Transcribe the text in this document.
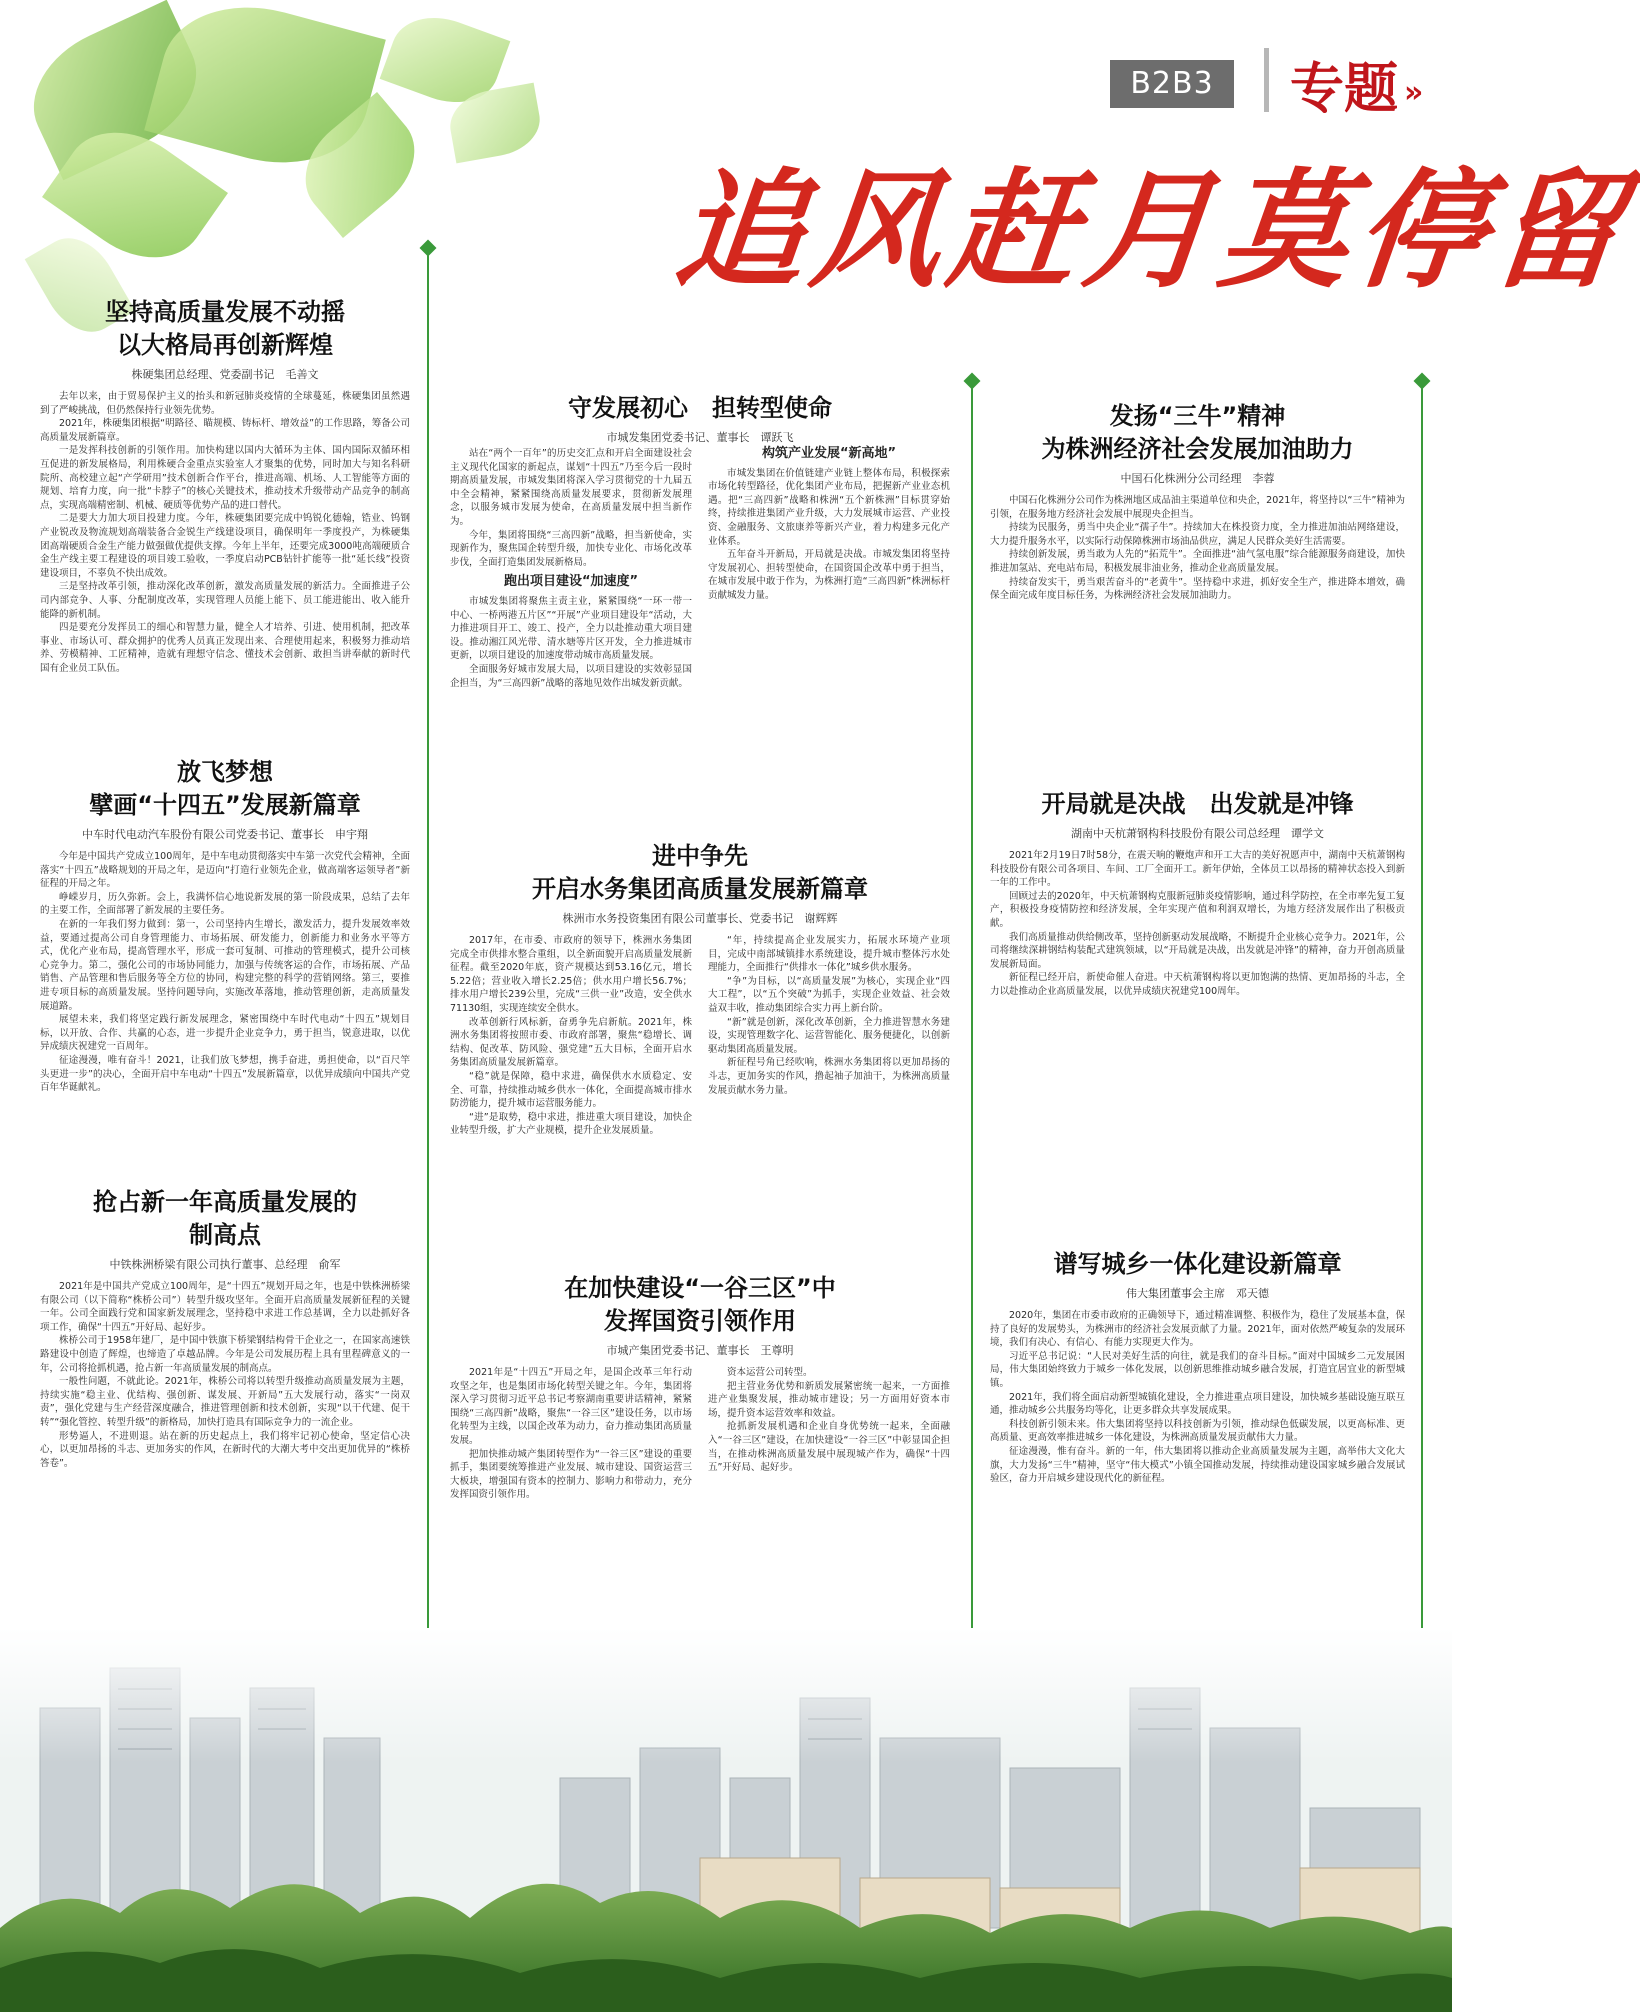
B2B3	专题 »
追风赶月莫停留
坚持高质量发展不动摇
以大格局再创新辉煌
株硬集团总经理、党委副书记　毛善文

去年以来，由于贸易保护主义的抬头和新冠肺炎疫情的全球蔓延，株硬集团虽然遇到了严峻挑战，但仍然保持行业领先优势。

2021年，株硬集团根据“明路径、瞄规模、铸标杆、增效益”的工作思路，筹备公司高质量发展新篇章。

一是发挥科技创新的引领作用。加快构建以国内大循环为主体、国内国际双循环相互促进的新发展格局，利用株硬合金重点实验室人才聚集的优势，同时加大与知名科研院所、高校建立起“产学研用”技术创新合作平台，推进高端、机场、人工智能等方面的规划、培育力度，向一批“卡脖子”的核心关键技术，推动技术升级带动产品竞争的制高点，实现高端精密制、机械、硬质等优势产品的进口替代。

二是要大力加大项目投建力度。今年，株硬集团要完成中钨锐化德翰，锆业、钨钢产业锐改及物流规划高端装备合金锐生产线建设项目，确保明年一季度投产，为株硬集团高端硬质合金生产能力做强做优提供支撑。今年上半年，还要完成3000吨高端硬质合金生产线主要工程建设的项目竣工验收，一季度启动PCB钻针扩能等一批“延长线”投资建设项目，不辜负不快出成效。

三是坚持改革引领，推动深化改革创新，激发高质量发展的新活力。全面推进子公司内部竞争、人事、分配制度改革，实现管理人员能上能下、员工能进能出、收入能升能降的新机制。

四是要充分发挥员工的细心和智慧力量，健全人才培养、引进、使用机制，把改革事业、市场认可、群众拥护的优秀人员真正发现出来、合理使用起来，积极努力推动培养、劳模精神、工匠精神，造就有理想守信念、懂技术会创新、敢担当讲奉献的新时代国有企业员工队伍。

放飞梦想
擘画“十四五”发展新篇章
中车时代电动汽车股份有限公司党委书记、董事长　申宇翔

今年是中国共产党成立100周年，是中车电动贯彻落实中车第一次党代会精神，全面落实“十四五”战略规划的开局之年，是迈向“打造行业领先企业，做高端客运领导者”新征程的开局之年。

峥嵘岁月，历久弥新。会上，我满怀信心地说新发展的第一阶段成果，总结了去年的主要工作，全面部署了新发展的主要任务。

在新的一年我们努力做到：第一，公司坚持内生增长，激发活力，提升发展效率效益，要通过提高公司自身管理能力、市场拓展、研发能力，创新能力和业务水平等方式，优化产业布局，提高管理水平，形成一套可复制、可推动的管理模式，提升公司核心竞争力。第二，强化公司的市场协同能力，加强与传统客运的合作，市场拓展、产品销售、产品管理和售后服务等全方位的协同，构建完整的科学的营销网络。第三，要推进专项目标的高质量发展。坚持问题导向，实施改革落地，推动管理创新，走高质量发展道路。

展望未来，我们将坚定践行新发展理念，紧密围绕中车时代电动“十四五”规划目标，以开放、合作、共赢的心态，进一步提升企业竞争力，勇于担当，锐意进取，以优异成绩庆祝建党一百周年。

征途漫漫，唯有奋斗！2021，让我们放飞梦想，携手奋进，勇担使命，以“百尺竿头更进一步”的决心，全面开启中车电动“十四五”发展新篇章，以优异成绩向中国共产党百年华诞献礼。

抢占新一年高质量发展的
制高点
中铁株洲桥梁有限公司执行董事、总经理　俞军

2021年是中国共产党成立100周年，是“十四五”规划开局之年，也是中铁株洲桥梁有限公司（以下简称“株桥公司”）转型升级攻坚年。全面开启高质量发展新征程的关键一年。公司全面践行党和国家新发展理念，坚持稳中求进工作总基调，全力以赴抓好各项工作，确保“十四五”开好局、起好步。

株桥公司于1958年建厂，是中国中铁旗下桥梁钢结构骨干企业之一，在国家高速铁路建设中创造了辉煌，也缔造了卓越品牌。今年是公司发展历程上具有里程碑意义的一年，公司将抢抓机遇，抢占新一年高质量发展的制高点。

一般性问题，不就此论。2021年，株桥公司将以转型升级推动高质量发展为主题，持续实施“稳主业、优结构、强创新、谋发展、开新局”五大发展行动，落实“一岗双责”，强化党建与生产经营深度融合，推进管理创新和技术创新，实现“以干代建、促干转”“强化管控、转型升级”的新格局，加快打造具有国际竞争力的一流企业。

形势逼人，不进则退。站在新的历史起点上，我们将牢记初心使命，坚定信心决心，以更加昂扬的斗志、更加务实的作风，在新时代的大潮大考中交出更加优异的“株桥答卷”。

守发展初心　担转型使命
市城发集团党委书记、董事长　谭跃飞

站在“两个一百年”的历史交汇点和开启全面建设社会主义现代化国家的新起点，谋划“十四五”乃至今后一段时期高质量发展，市城发集团将深入学习贯彻党的十九届五中全会精神，紧紧围绕高质量发展要求，贯彻新发展理念，以服务城市发展为使命，在高质量发展中担当新作为。

今年，集团将围绕“三高四新”战略，担当新使命，实现新作为，聚焦国企转型升级，加快专业化、市场化改革步伐，全面打造集团发展新格局。

跑出项目建设“加速度”

市城发集团将聚焦主责主业，紧紧围绕“一环一带一中心、一桥两港五片区”“开展”产业项目建设年“活动，大力推进项目开工、竣工、投产，全力以赴推动重大项目建设。推动湘江风光带、清水塘等片区开发，全力推进城市更新，以项目建设的加速度带动城市高质量发展。

全面服务好城市发展大局，以项目建设的实效彰显国企担当，为“三高四新”战略的落地见效作出城发新贡献。

构筑产业发展“新高地”

市城发集团在价值链建产业链上整体布局，积极探索市场化转型路径，优化集团产业布局，把握新产业业态机遇。把“三高四新”战略和株洲“五个新株洲”目标贯穿始终，持续推进集团产业升级，大力发展城市运营、产业投资、金融服务、文旅康养等新兴产业，着力构建多元化产业体系。

五年奋斗开新局，开局就是决战。市城发集团将坚持守发展初心、担转型使命，在国资国企改革中勇于担当，在城市发展中敢于作为，为株洲打造“三高四新”株洲标杆贡献城发力量。

进中争先
开启水务集团高质量发展新篇章
株洲市水务投资集团有限公司董事长、党委书记　谢辉辉

2017年，在市委、市政府的领导下，株洲水务集团完成全市供排水整合重组，以全新面貌开启高质量发展新征程。截至2020年底，资产规模达到53.16亿元，增长5.22倍；营业收入增长2.25倍；供水用户增长56.7%；排水用户增长239公里，完成“三供一业”改造，安全供水71130组，实现连续安全供水。

改革创新行风标新，奋勇争先启新航。2021年，株洲水务集团将按照市委、市政府部署，聚焦“稳增长、调结构、促改革、防风险、强党建”五大目标，全面开启水务集团高质量发展新篇章。

“稳”就是保障，稳中求进，确保供水水质稳定、安全、可靠，持续推动城乡供水一体化，全面提高城市排水防涝能力，提升城市运营服务能力。

“进”是取势，稳中求进，推进重大项目建设，加快企业转型升级，扩大产业规模，提升企业发展质量。

“年，持续提高企业发展实力，拓展水环境产业项目，完成中南部城镇排水系统建设，提升城市整体污水处理能力，全面推行“供排水一体化”城乡供水服务。

“争”为目标，以“高质量发展”为核心，实现企业“四大工程”，以“五个突破”为抓手，实现企业效益、社会效益双丰收，推动集团综合实力再上新台阶。

“新”就是创新，深化改革创新，全力推进智慧水务建设，实现管理数字化、运营智能化、服务便捷化，以创新驱动集团高质量发展。

新征程号角已经吹响，株洲水务集团将以更加昂扬的斗志，更加务实的作风，撸起袖子加油干，为株洲高质量发展贡献水务力量。

在加快建设“一谷三区”中
发挥国资引领作用
市城产集团党委书记、董事长　王尊明

2021年是“十四五”开局之年，是国企改革三年行动攻坚之年，也是集团市场化转型关键之年。今年，集团将深入学习贯彻习近平总书记考察湖南重要讲话精神，紧紧围绕“三高四新”战略，聚焦“一谷三区”建设任务，以市场化转型为主线，以国企改革为动力，奋力推动集团高质量发展。

把加快推动城产集团转型作为“一谷三区”建设的重要抓手，集团要统筹推进产业发展、城市建设、国资运营三大板块，增强国有资本的控制力、影响力和带动力，充分发挥国资引领作用。

资本运营公司转型。

把主营业务优势和新质发展紧密统一起来，一方面推进产业集聚发展，推动城市建设；另一方面用好资本市场，提升资本运营效率和效益。

抢抓新发展机遇和企业自身优势统一起来，全面融入“一谷三区”建设，在加快建设“一谷三区”中彰显国企担当，在推动株洲高质量发展中展现城产作为，确保“十四五”开好局、起好步。

发扬“三牛”精神
为株洲经济社会发展加油助力
中国石化株洲分公司经理　李蓉

中国石化株洲分公司作为株洲地区成品油主渠道单位和央企，2021年，将坚持以“三牛”精神为引领，在服务地方经济社会发展中展现央企担当。

持续为民服务，勇当中央企业“孺子牛”。持续加大在株投资力度，全力推进加油站网络建设，大力提升服务水平，以实际行动保障株洲市场油品供应，满足人民群众美好生活需要。

持续创新发展，勇当敢为人先的“拓荒牛”。全面推进“油气氢电服”综合能源服务商建设，加快推进加氢站、充电站布局，积极发展非油业务，推动企业高质量发展。

持续奋发实干，勇当艰苦奋斗的“老黄牛”。坚持稳中求进，抓好安全生产，推进降本增效，确保全面完成年度目标任务，为株洲经济社会发展加油助力。

开局就是决战　出发就是冲锋
湖南中天杭萧钢构科技股份有限公司总经理　谭学文

2021年2月19日7时58分，在震天响的鞭炮声和开工大吉的美好祝愿声中，湖南中天杭萧钢构科技股份有限公司各项目、车间、工厂全面开工。新年伊始，全体员工以昂扬的精神状态投入到新一年的工作中。

回顾过去的2020年，中天杭萧钢构克服新冠肺炎疫情影响，通过科学防控，在全市率先复工复产，积极投身疫情防控和经济发展，全年实现产值和利润双增长，为地方经济发展作出了积极贡献。

我们高质量推动供给侧改革，坚持创新驱动发展战略，不断提升企业核心竞争力。2021年，公司将继续深耕钢结构装配式建筑领域，以“开局就是决战，出发就是冲锋”的精神，奋力开创高质量发展新局面。

新征程已经开启，新使命催人奋进。中天杭萧钢构将以更加饱满的热情、更加昂扬的斗志，全力以赴推动企业高质量发展，以优异成绩庆祝建党100周年。

谱写城乡一体化建设新篇章
伟大集团董事会主席　邓天德

2020年，集团在市委市政府的正确领导下，通过精准调整、积极作为，稳住了发展基本盘，保持了良好的发展势头，为株洲市的经济社会发展贡献了力量。2021年，面对依然严峻复杂的发展环境，我们有决心、有信心、有能力实现更大作为。

习近平总书记说：“人民对美好生活的向往，就是我们的奋斗目标。”面对中国城乡二元发展困局，伟大集团始终致力于城乡一体化发展，以创新思维推动城乡融合发展，打造宜居宜业的新型城镇。

2021年，我们将全面启动新型城镇化建设，全力推进重点项目建设，加快城乡基础设施互联互通，推动城乡公共服务均等化，让更多群众共享发展成果。

科技创新引领未来。伟大集团将坚持以科技创新为引领，推动绿色低碳发展，以更高标准、更高质量、更高效率推进城乡一体化建设，为株洲高质量发展贡献伟大力量。

征途漫漫，惟有奋斗。新的一年，伟大集团将以推动企业高质量发展为主题，高举伟大文化大旗，大力发扬“三牛”精神，坚守“伟大模式”小镇全国推动发展，持续推动建设国家城乡融合发展试验区，奋力开启城乡建设现代化的新征程。
